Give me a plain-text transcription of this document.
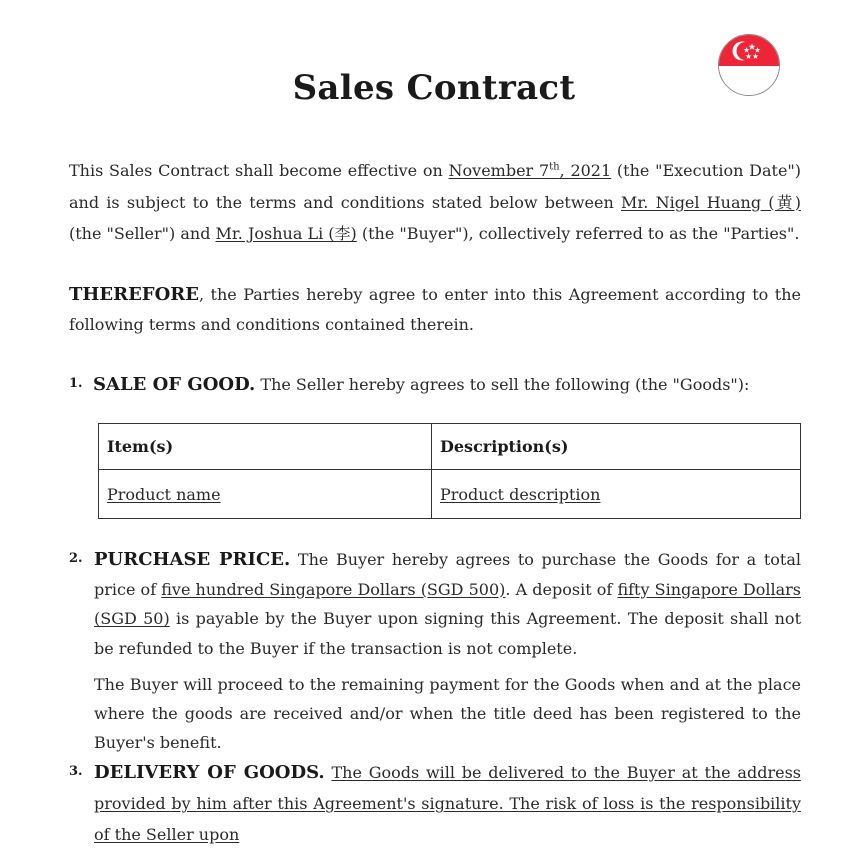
Sales Contract

This Sales Contract shall become effective on November 7th, 2021 (the "Execution Date") and is subject to the terms and conditions stated below between Mr. Nigel Huang (黄) (the "Seller") and Mr. Joshua Li (李) (the "Buyer"), collectively referred to as the "Parties".

THEREFORE, the Parties hereby agree to enter into this Agreement according to the following terms and conditions contained therein.

1. SALE OF GOOD. The Seller hereby agrees to sell the following (the "Goods"):

Item(s)	Description(s)
Product name	Product description
2. PURCHASE PRICE. The Buyer hereby agrees to purchase the Goods for a total price of five hundred Singapore Dollars (SGD 500). A deposit of fifty Singapore Dollars (SGD 50) is payable by the Buyer upon signing this Agreement. The deposit shall not be refunded to the Buyer if the transaction is not complete.

The Buyer will proceed to the remaining payment for the Goods when and at the place where the goods are received and/or when the title deed has been registered to the Buyer's benefit.

3. DELIVERY OF GOODS. The Goods will be delivered to the Buyer at the address provided by him after this Agreement's signature. The risk of loss is the responsibility of the Seller upon
